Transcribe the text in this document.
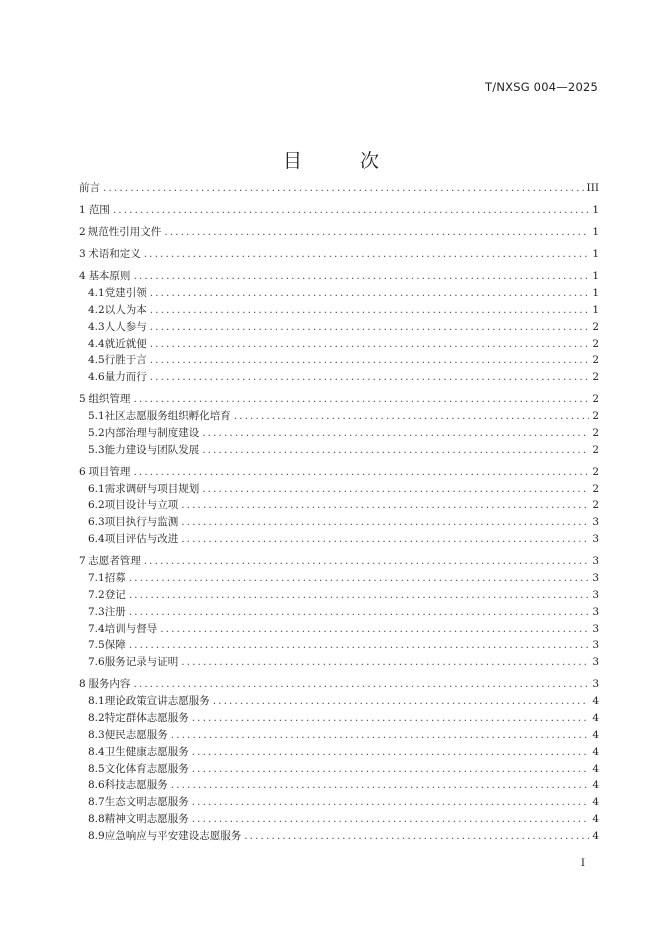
T/NXSG 004—2025
目 次
前言 .....	III
1 范围 .....	1
2 规范性引用文件 .....	1
3 术语和定义 .....	1
4 基本原则 .....	1
4.1 党建引领 .....	1
4.2 以人为本 .....	1
4.3 人人参与 .....	2
4.4 就近就便 .....	2
4.5 行胜于言 .....	2
4.6 量力而行 .....	2
5 组织管理 .....	2
5.1 社区志愿服务组织孵化培育 .....	2
5.2 内部治理与制度建设 .....	2
5.3 能力建设与团队发展 .....	2
6 项目管理 .....	2
6.1 需求调研与项目规划 .....	2
6.2 项目设计与立项 .....	2
6.3 项目执行与监测 .....	3
6.4 项目评估与改进 .....	3
7 志愿者管理 .....	3
7.1 招募 .....	3
7.2 登记 .....	3
7.3 注册 .....	3
7.4 培训与督导 .....	3
7.5 保障 .....	3
7.6 服务记录与证明 .....	3
8 服务内容 .....	3
8.1 理论政策宣讲志愿服务 .....	4
8.2 特定群体志愿服务 .....	4
8.3 便民志愿服务 .....	4
8.4 卫生健康志愿服务 .....	4
8.5 文化体育志愿服务 .....	4
8.6 科技志愿服务 .....	4
8.7 生态文明志愿服务 .....	4
8.8 精神文明志愿服务 .....	4
8.9 应急响应与平安建设志愿服务 .....	4
I
